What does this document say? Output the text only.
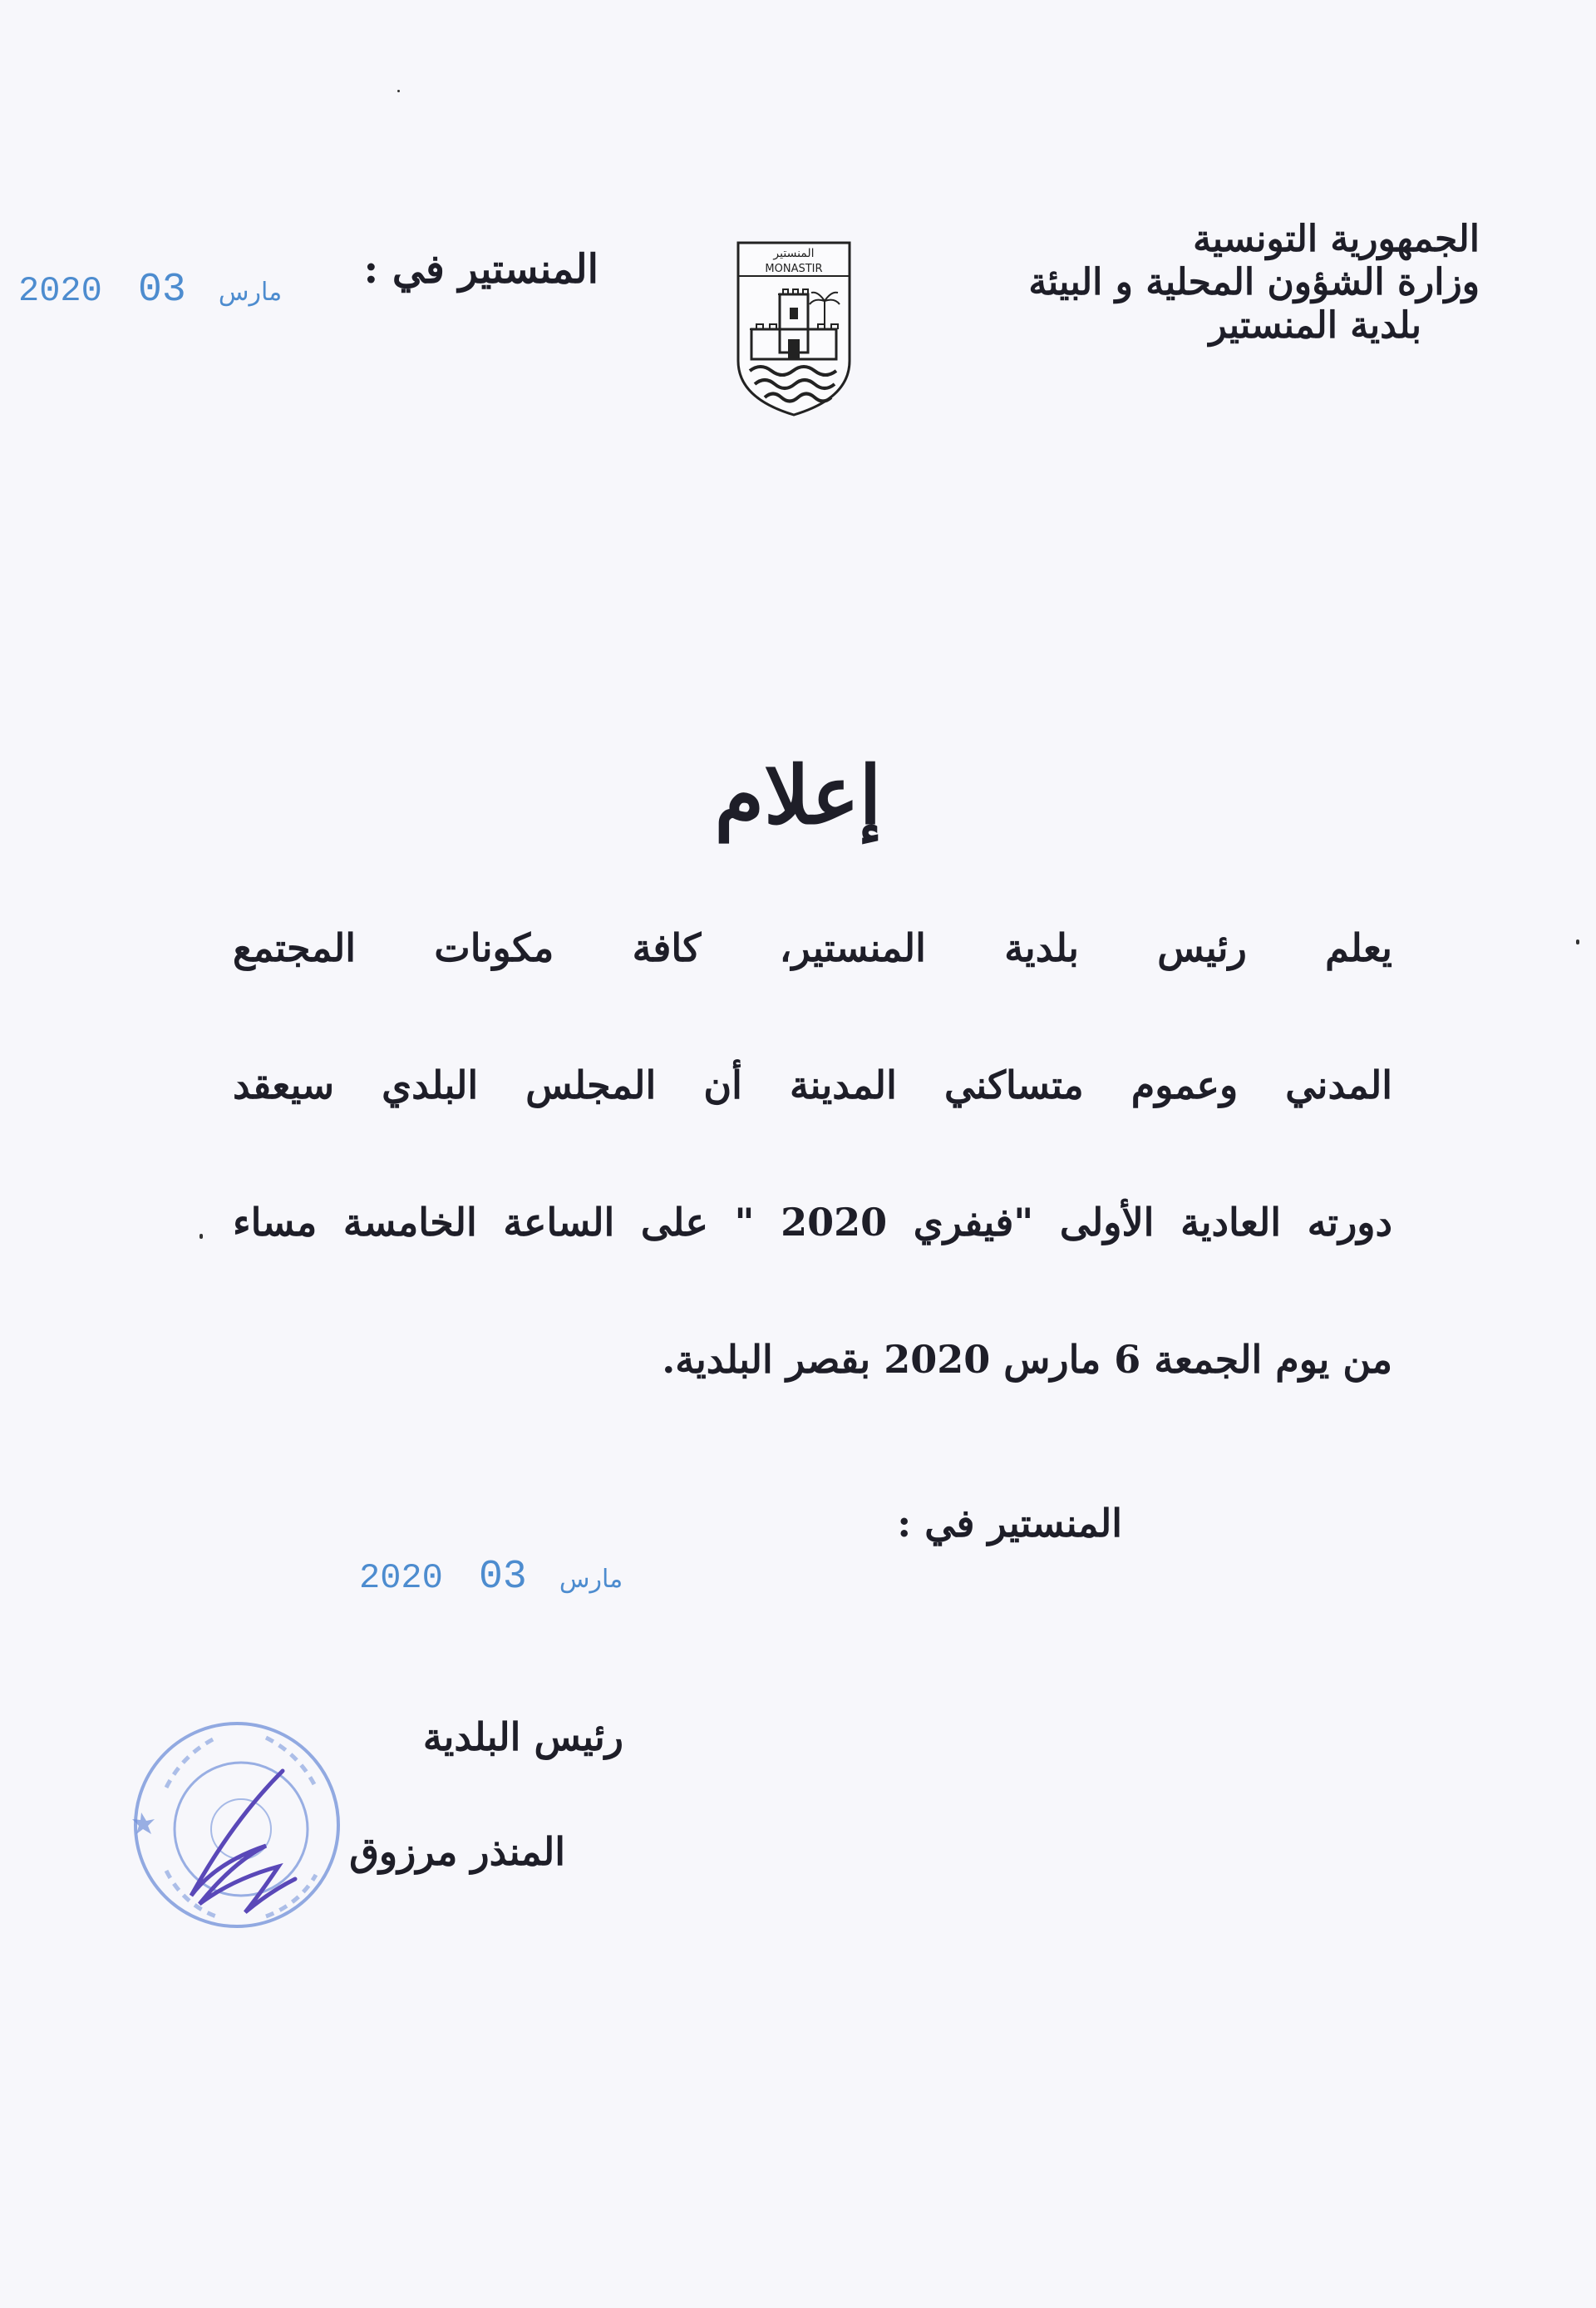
الجمهورية التونسية
وزارة الشؤون المحلية و البيئة
بلدية المنستير
المنستير في :
2020	مارس 03
المنستير
MONASTIR
إعلام
يعلم رئيس بلدية المنستير، كافة مكونات المجتمع
المدني وعموم متساكني المدينة أن المجلس البلدي سيعقد
دورته العادية الأولى "فيفري 2020 " على الساعة الخامسة مساء
من يوم الجمعة 6 مارس 2020 بقصر البلدية.
المنستير في :
2020	مارس 03
رئيس البلدية
المنذر مرزوق
